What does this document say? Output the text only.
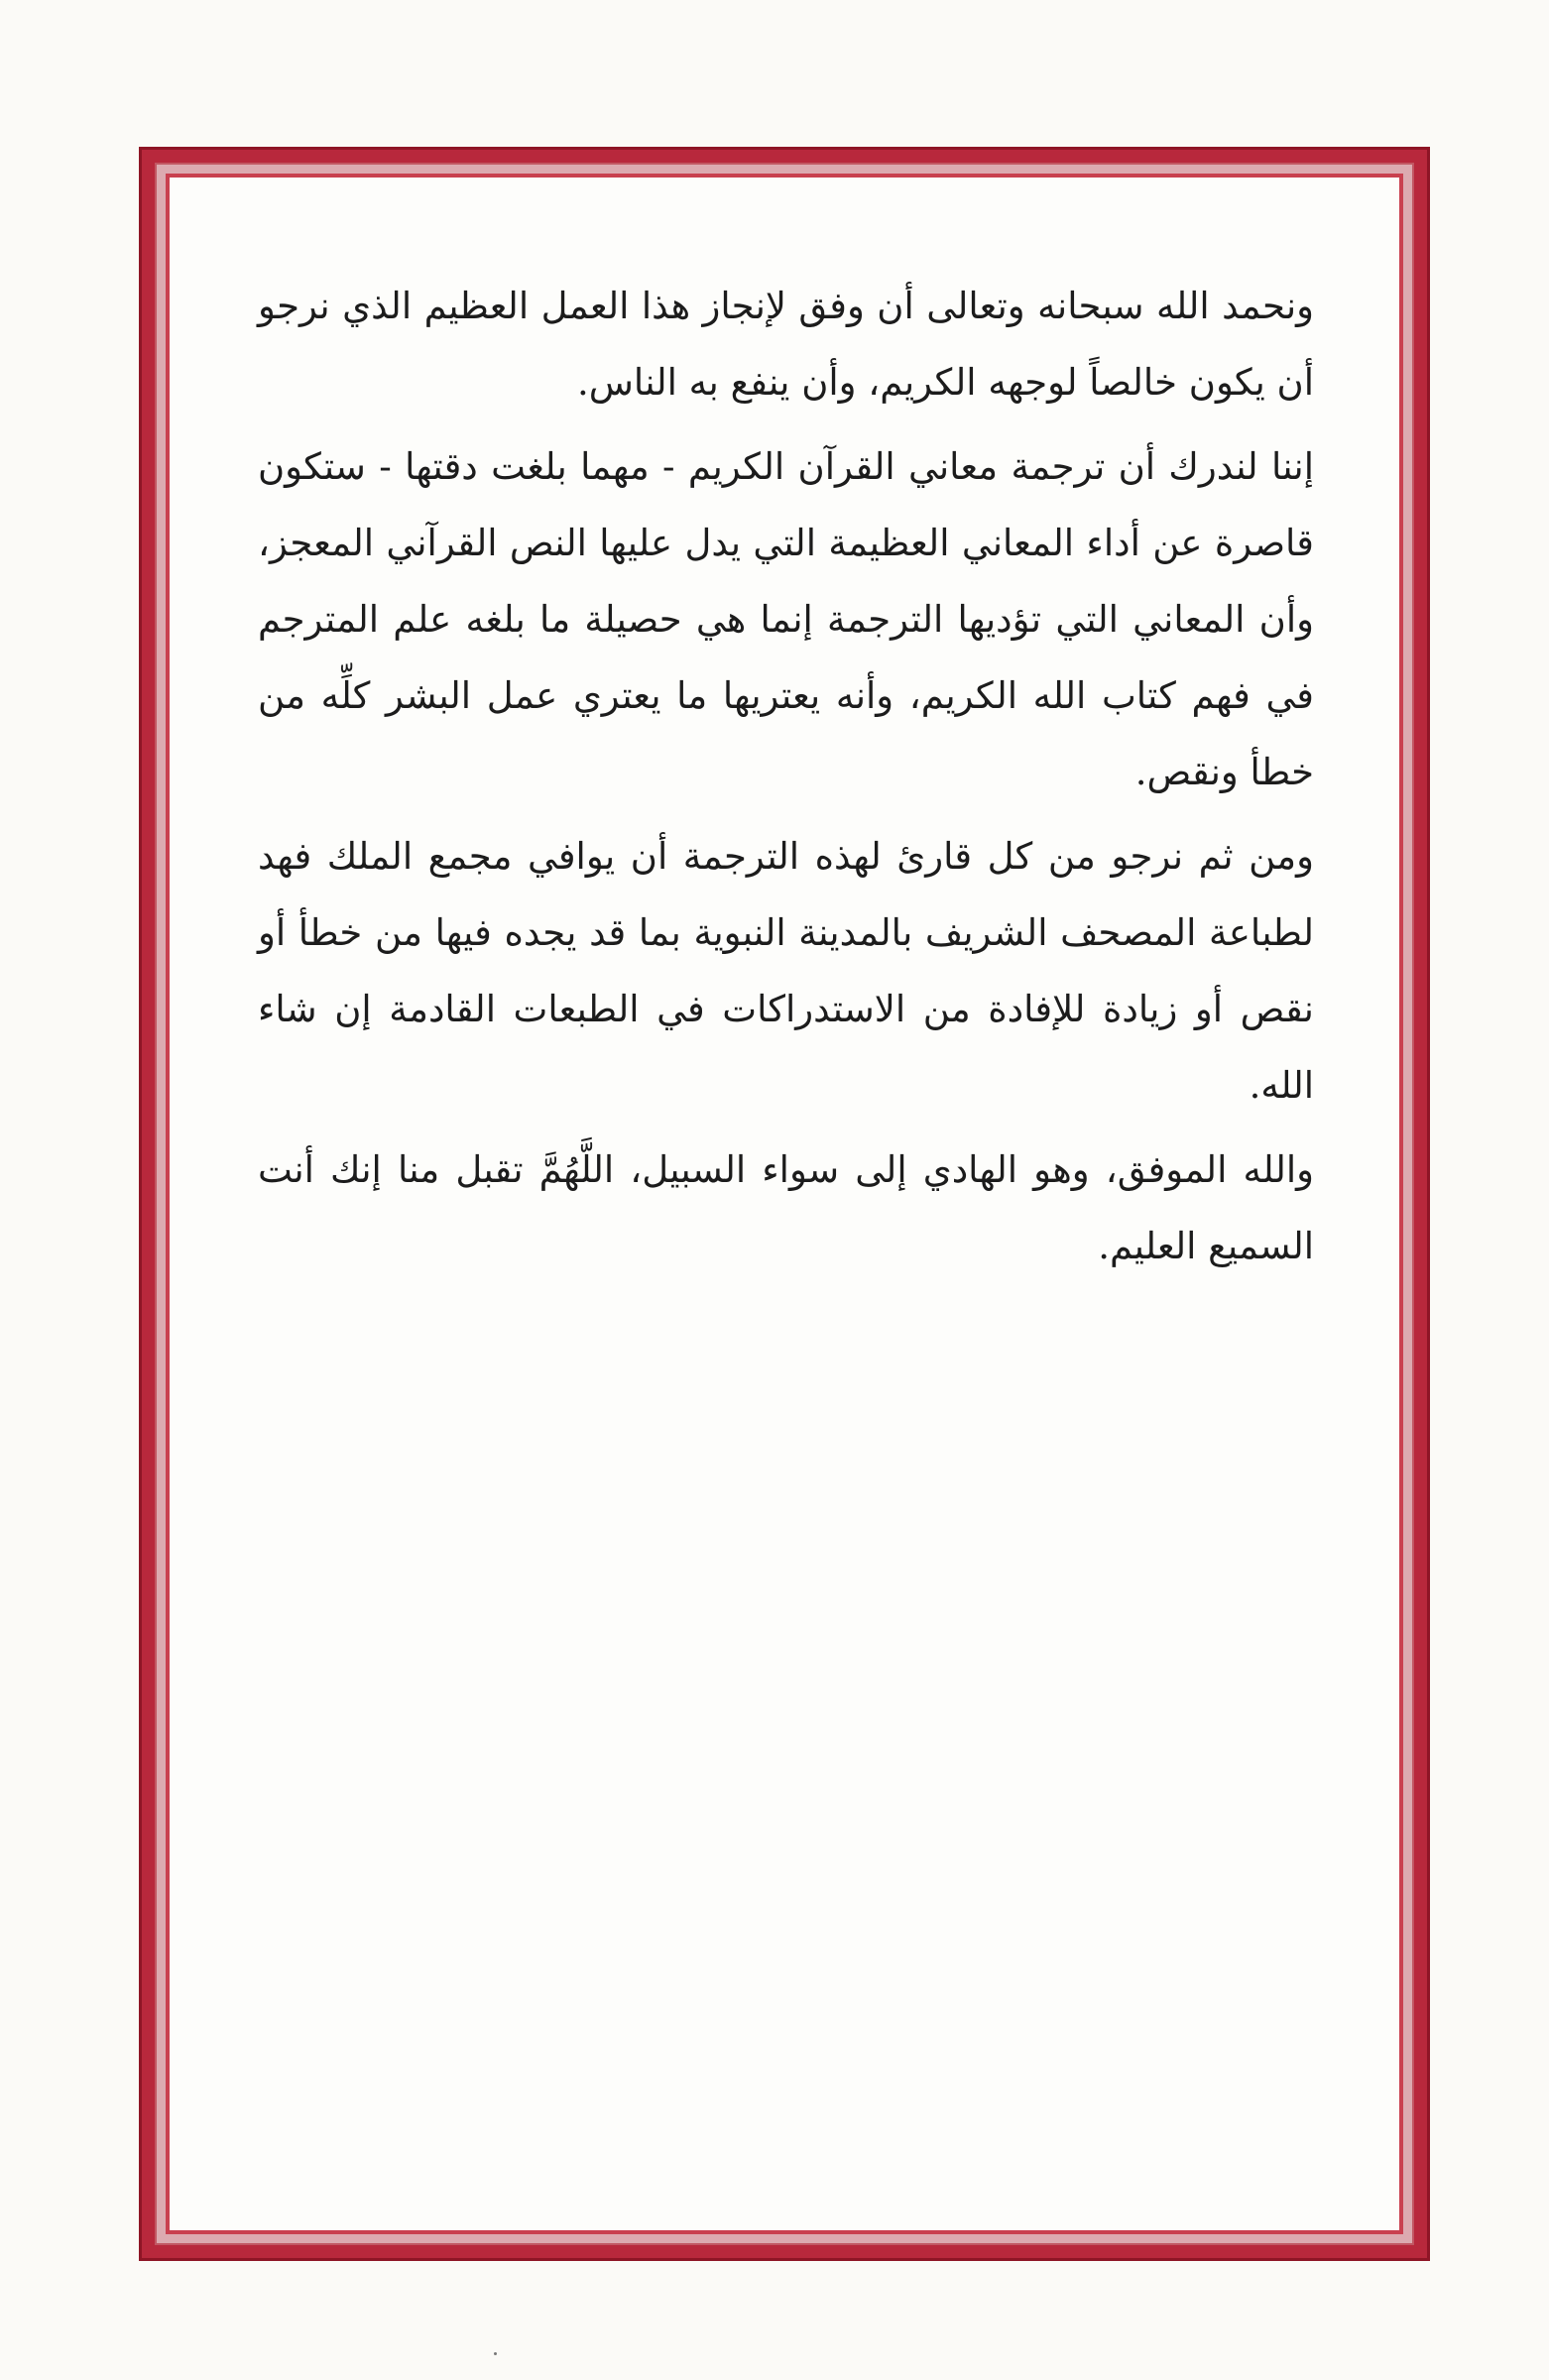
ونحمد الله سبحانه وتعالى أن وفق لإنجاز هذا العمل العظيم الذي نرجو أن يكون خالصاً لوجهه الكريم، وأن ينفع به الناس.

إننا لندرك أن ترجمة معاني القرآن الكريم - مهما بلغت دقتها - ستكون قاصرة عن أداء المعاني العظيمة التي يدل عليها النص القرآني المعجز، وأن المعاني التي تؤديها الترجمة إنما هي حصيلة ما بلغه علم المترجم في فهم كتاب الله الكريم، وأنه يعتريها ما يعتري عمل البشر كلِّه من خطأ ونقص.

ومن ثم نرجو من كل قارئ لهذه الترجمة أن يوافي مجمع الملك فهد لطباعة المصحف الشريف بالمدينة النبوية بما قد يجده فيها من خطأ أو نقص أو زيادة للإفادة من الاستدراكات في الطبعات القادمة إن شاء الله.

والله الموفق، وهو الهادي إلى سواء السبيل، اللَّهُمَّ تقبل منا إنك أنت السميع العليم.
